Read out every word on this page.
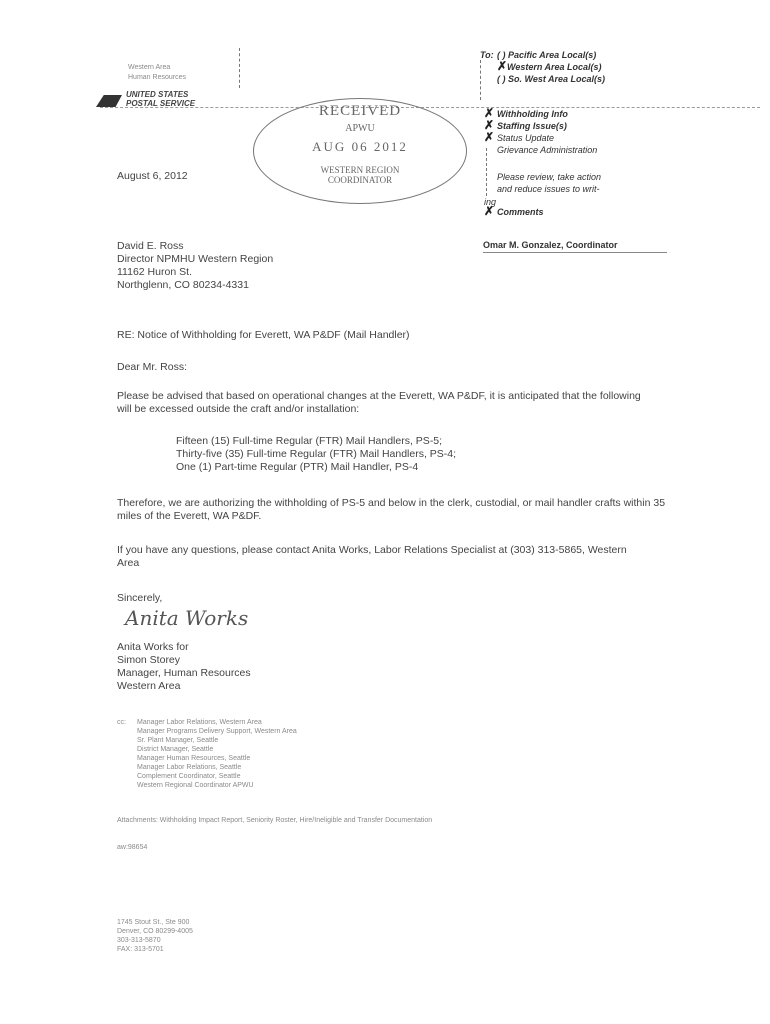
Western Area
Human Resources
UNITED STATES
POSTAL SERVICE
August 6, 2012
RECEIVED
APWU
AUG 06 2012
WESTERN REGION
COORDINATOR
To: ( ) Pacific Area Local(s)
✗ Western Area Local(s)
( ) So. West Area Local(s)
✗ Withholding Info
✗ Staffing Issue(s)
✗ Status Update
Grievance Administration
Please review, take action
and reduce issues to writ-
ing
✗ Comments
Omar M. Gonzalez, Coordinator
David E. Ross
Director NPMHU Western Region
11162 Huron St.
Northglenn, CO 80234-4331
RE: Notice of Withholding for Everett, WA P&DF (Mail Handler)
Dear Mr. Ross:
Please be advised that based on operational changes at the Everett, WA P&DF, it is anticipated that the following will be excessed outside the craft and/or installation:
Fifteen (15) Full-time Regular (FTR) Mail Handlers, PS-5;
Thirty-five (35) Full-time Regular (FTR) Mail Handlers, PS-4;
One (1) Part-time Regular (PTR) Mail Handler, PS-4
Therefore, we are authorizing the withholding of PS-5 and below in the clerk, custodial, or mail handler crafts within 35 miles of the Everett, WA P&DF.
If you have any questions, please contact Anita Works, Labor Relations Specialist at (303) 313-5865, Western Area
Sincerely,
Anita Works
Anita Works for
Simon Storey
Manager, Human Resources
Western Area
cc: Manager Labor Relations, Western Area
Manager Programs Delivery Support, Western Area
Sr. Plant Manager, Seattle
District Manager, Seattle
Manager Human Resources, Seattle
Manager Labor Relations, Seattle
Complement Coordinator, Seattle
Western Regional Coordinator APWU
Attachments: Withholding Impact Report, Seniority Roster, Hire/Ineligible and Transfer Documentation
aw:98654
1745 Stout St., Ste 900
Denver, CO 80299-4005
303-313-5870
FAX: 313-5701
